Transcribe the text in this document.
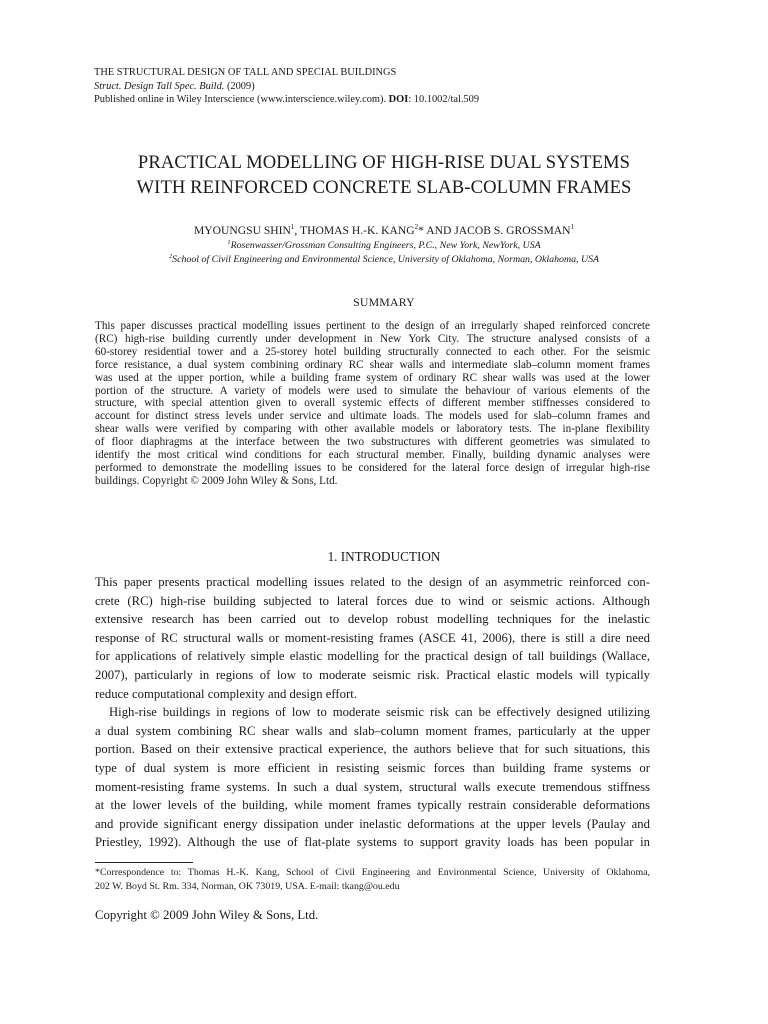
THE STRUCTURAL DESIGN OF TALL AND SPECIAL BUILDINGS
Struct. Design Tall Spec. Build. (2009)
Published online in Wiley Interscience (www.interscience.wiley.com). DOI: 10.1002/tal.509
PRACTICAL MODELLING OF HIGH-RISE DUAL SYSTEMS
WITH REINFORCED CONCRETE SLAB-COLUMN FRAMES
MYOUNGSU SHIN$^1$, THOMAS H.-K. KANG$^2$* AND JACOB S. GROSSMAN$^1$
$^1$Rosenwasser/Grossman Consulting Engineers, P.C., New York, NewYork, USA
$^2$School of Civil Engineering and Environmental Science, University of Oklahoma, Norman, Oklahoma, USA
SUMMARY
This paper discusses practical modelling issues pertinent to the design of an irregularly shaped reinforced concrete
(RC) high-rise building currently under development in New York City. The structure analysed consists of a
60-storey residential tower and a 25-storey hotel building structurally connected to each other. For the seismic
force resistance, a dual system combining ordinary RC shear walls and intermediate slab–column moment frames
was used at the upper portion, while a building frame system of ordinary RC shear walls was used at the lower
portion of the structure. A variety of models were used to simulate the behaviour of various elements of the
structure, with special attention given to overall systemic effects of different member stiffnesses considered to
account for distinct stress levels under service and ultimate loads. The models used for slab–column frames and
shear walls were verified by comparing with other available models or laboratory tests. The in-plane flexibility
of floor diaphragms at the interface between the two substructures with different geometries was simulated to
identify the most critical wind conditions for each structural member. Finally, building dynamic analyses were
performed to demonstrate the modelling issues to be considered for the lateral force design of irregular high-rise
buildings. Copyright © 2009 John Wiley & Sons, Ltd.
1. INTRODUCTION
This paper presents practical modelling issues related to the design of an asymmetric reinforced con-
crete (RC) high-rise building subjected to lateral forces due to wind or seismic actions. Although
extensive research has been carried out to develop robust modelling techniques for the inelastic
response of RC structural walls or moment-resisting frames (ASCE 41, 2006), there is still a dire need
for applications of relatively simple elastic modelling for the practical design of tall buildings (Wallace,
2007), particularly in regions of low to moderate seismic risk. Practical elastic models will typically
reduce computational complexity and design effort.
High-rise buildings in regions of low to moderate seismic risk can be effectively designed utilizing
a dual system combining RC shear walls and slab–column moment frames, particularly at the upper
portion. Based on their extensive practical experience, the authors believe that for such situations, this
type of dual system is more efficient in resisting seismic forces than building frame systems or
moment-resisting frame systems. In such a dual system, structural walls execute tremendous stiffness
at the lower levels of the building, while moment frames typically restrain considerable deformations
and provide significant energy dissipation under inelastic deformations at the upper levels (Paulay and
Priestley, 1992). Although the use of flat-plate systems to support gravity loads has been popular in
*Correspondence to: Thomas H.-K. Kang, School of Civil Engineering and Environmental Science, University of Oklahoma,
202 W. Boyd St. Rm. 334, Norman, OK 73019, USA. E-mail: tkang@ou.edu
Copyright © 2009 John Wiley & Sons, Ltd.
